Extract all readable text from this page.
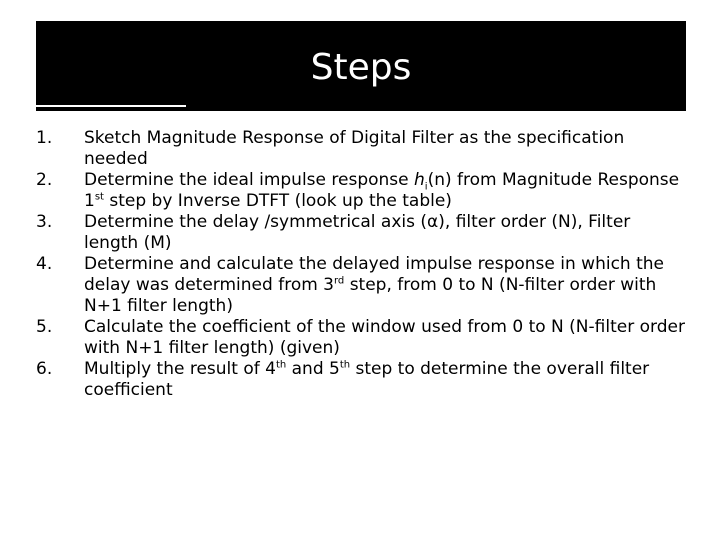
Steps
1.	Sketch Magnitude Response of Digital Filter as the specification needed
2.	Determine the ideal impulse response $h_i(n)$ from Magnitude Response 1st step by Inverse DTFT (look up the table)
3.	Determine the delay /symmetrical axis (α), filter order (N), Filter length (M)
4.	Determine and calculate the delayed impulse response in which the delay was determined from 3rd step, from 0 to N (N-filter order with N+1 filter length)
5.	Calculate the coefficient of the window used from 0 to N (N-filter order with N+1 filter length) (given)
6.	Multiply the result of 4th and 5th step to determine the overall filter coefficient
